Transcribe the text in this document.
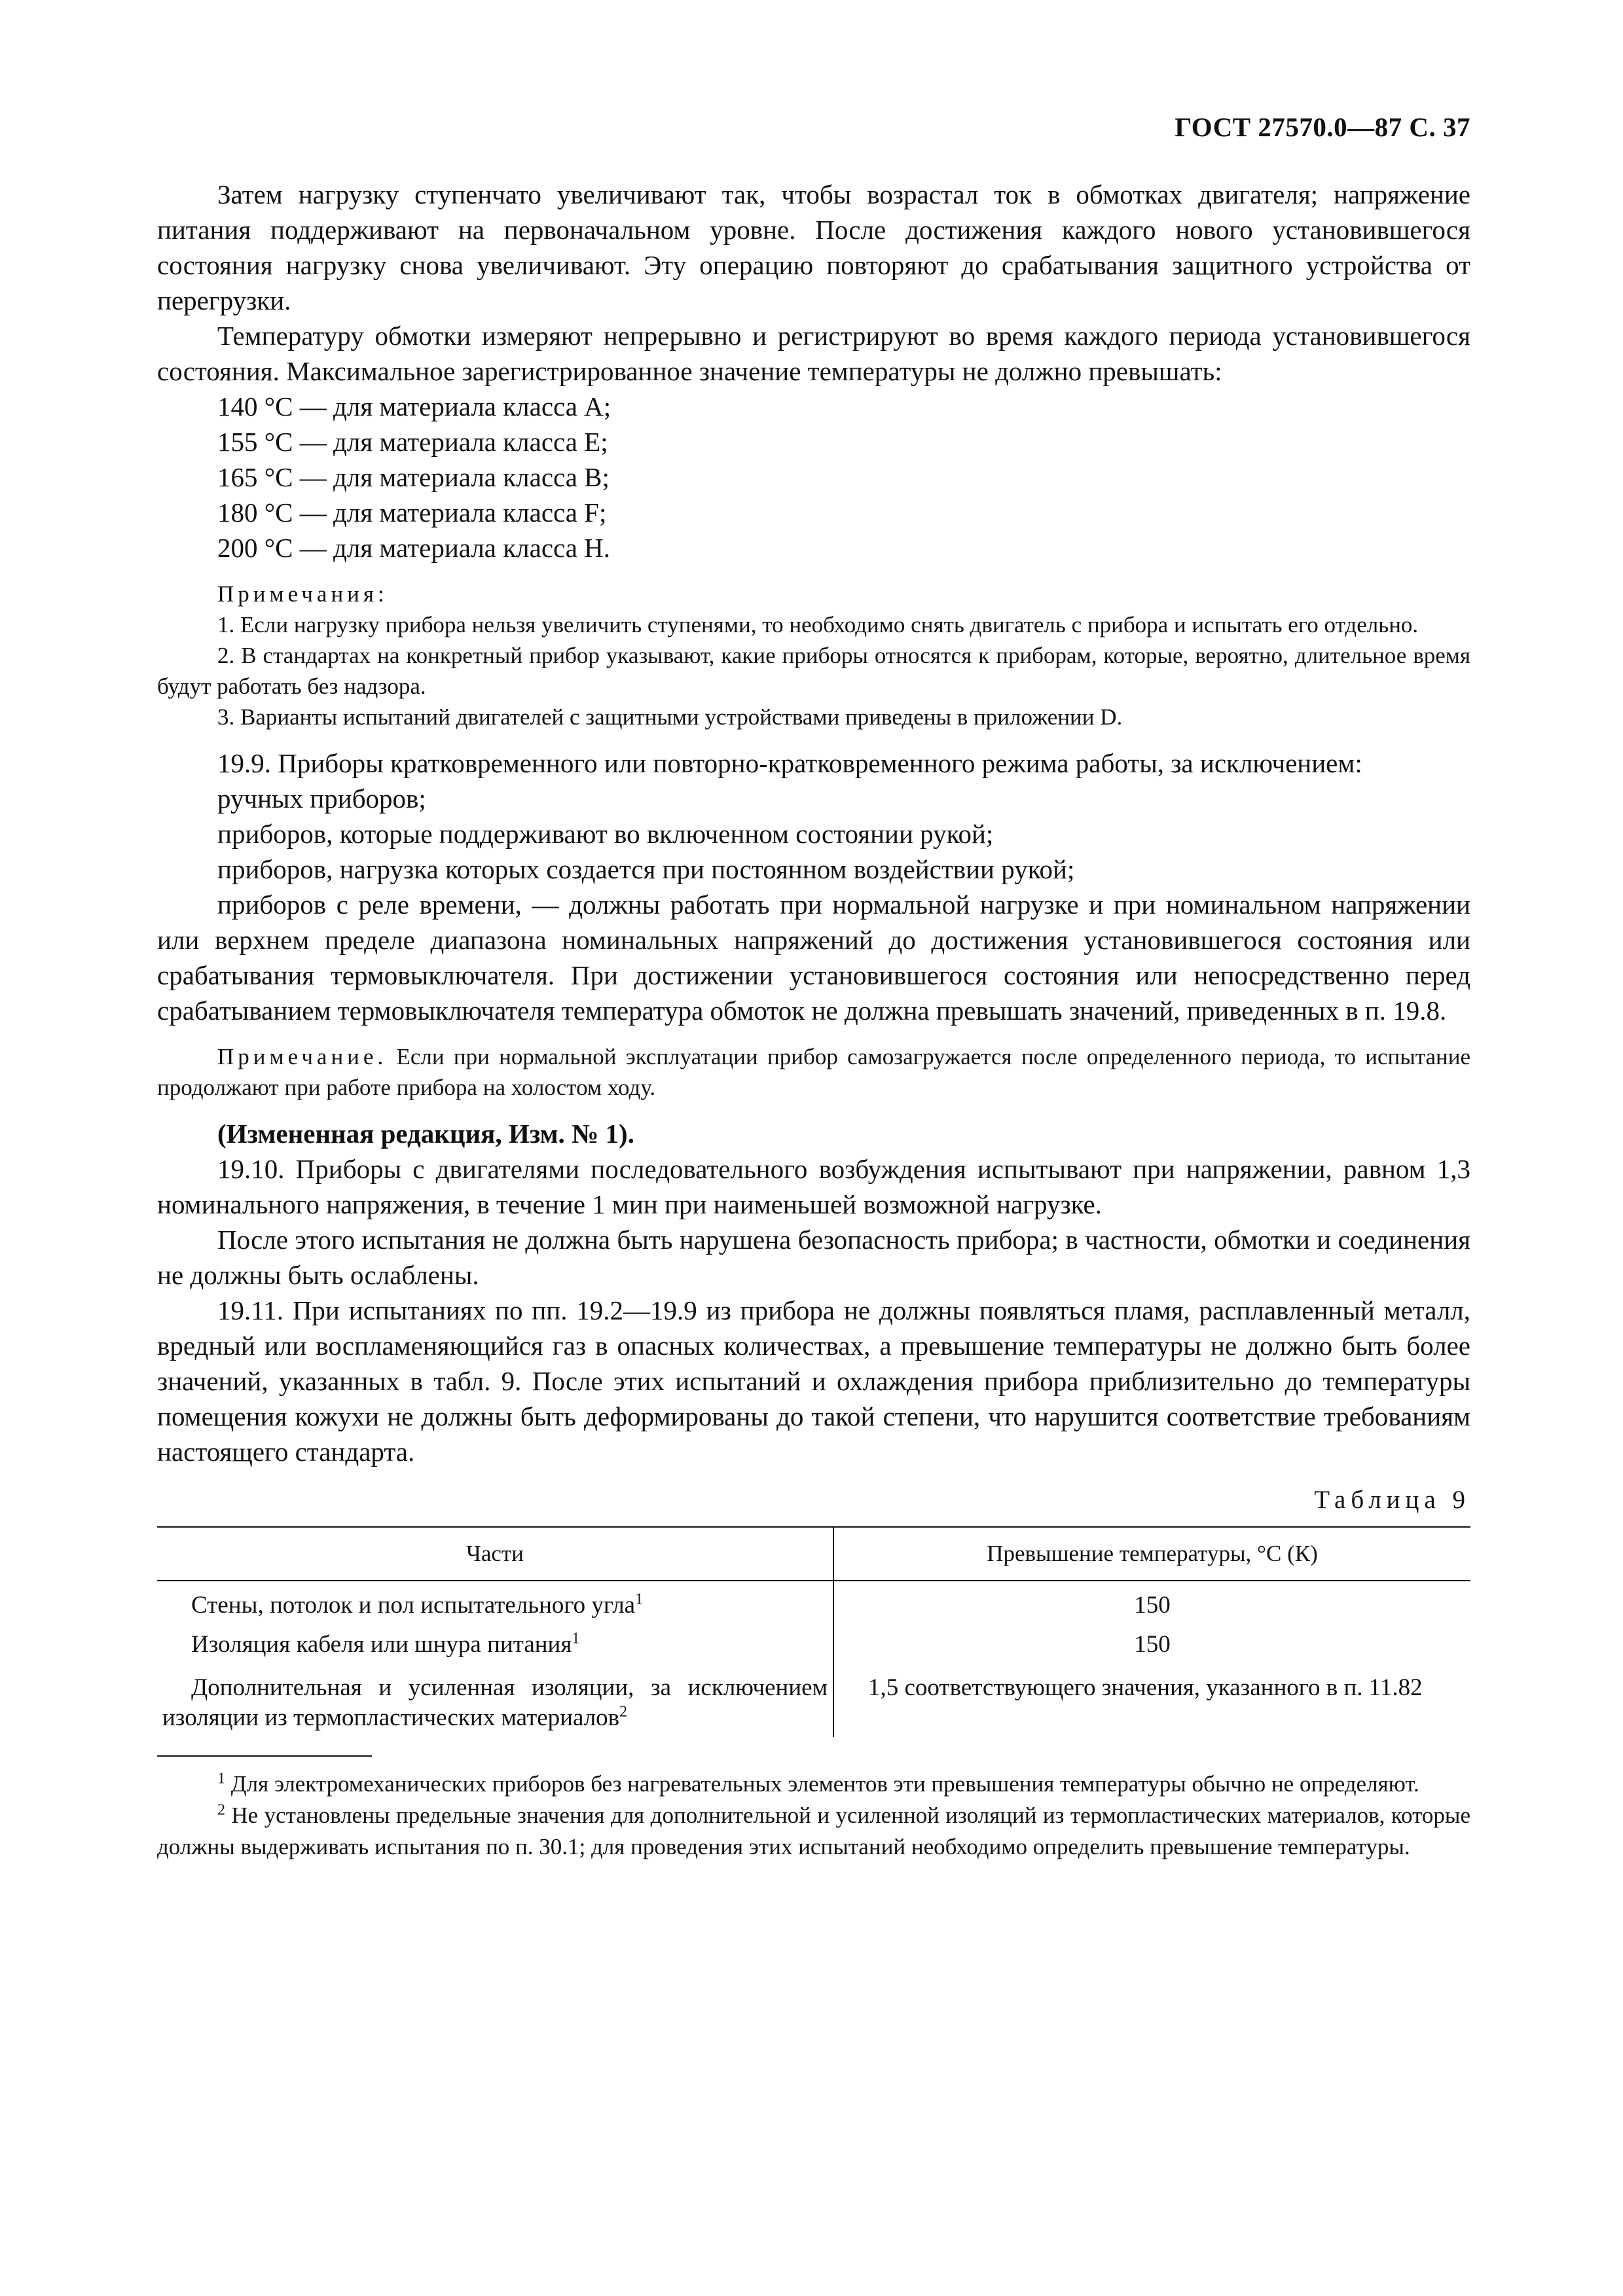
ГОСТ 27570.0—87 С. 37

Затем нагрузку ступенчато увеличивают так, чтобы возрастал ток в обмотках двигателя; напряжение питания поддерживают на первоначальном уровне. После достижения каждого нового установившегося состояния нагрузку снова увеличивают. Эту операцию повторяют до срабатывания защитного устройства от перегрузки.

Температуру обмотки измеряют непрерывно и регистрируют во время каждого периода установившегося состояния. Максимальное зарегистрированное значение температуры не должно превышать:

140 °С — для материала класса А;

155 °С — для материала класса Е;

165 °С — для материала класса В;

180 °С — для материала класса F;

200 °С — для материала класса Н.

Примечания:

1. Если нагрузку прибора нельзя увеличить ступенями, то необходимо снять двигатель с прибора и испытать его отдельно.

2. В стандартах на конкретный прибор указывают, какие приборы относятся к приборам, которые, вероятно, длительное время будут работать без надзора.

3. Варианты испытаний двигателей с защитными устройствами приведены в приложении D.

19.9. Приборы кратковременного или повторно-кратковременного режима работы, за исключением:

ручных приборов;

приборов, которые поддерживают во включенном состоянии рукой;

приборов, нагрузка которых создается при постоянном воздействии рукой;

приборов с реле времени, — должны работать при нормальной нагрузке и при номинальном напряжении или верхнем пределе диапазона номинальных напряжений до достижения установившегося состояния или срабатывания термовыключателя. При достижении установившегося состояния или непосредственно перед срабатыванием термовыключателя температура обмоток не должна превышать значений, приведенных в п. 19.8.

Примечание. Если при нормальной эксплуатации прибор самозагружается после определенного периода, то испытание продолжают при работе прибора на холостом ходу.

(Измененная редакция, Изм. № 1).

19.10. Приборы с двигателями последовательного возбуждения испытывают при напряжении, равном 1,3 номинального напряжения, в течение 1 мин при наименьшей возможной нагрузке.

После этого испытания не должна быть нарушена безопасность прибора; в частности, обмотки и соединения не должны быть ослаблены.

19.11. При испытаниях по пп. 19.2—19.9 из прибора не должны появляться пламя, расплавленный металл, вредный или воспламеняющийся газ в опасных количествах, а превышение температуры не должно быть более значений, указанных в табл. 9. После этих испытаний и охлаждения прибора приблизительно до температуры помещения кожухи не должны быть деформированы до такой степени, что нарушится соответствие требованиям настоящего стандарта.

Таблица 9
Части	Превышение температуры, °С (К)
Стены, потолок и пол испытательного угла$^1$	150
Изоляция кабеля или шнура питания$^1$	150
Дополнительная и усиленная изоляции, за исключением изоляции из термопластических материалов$^2$	1,5 соответствующего значения, указанного в п. 11.82

$^1$ Для электромеханических приборов без нагревательных элементов эти превышения температуры обычно не определяют.

$^2$ Не установлены предельные значения для дополнительной и усиленной изоляций из термопластических материалов, которые должны выдерживать испытания по п. 30.1; для проведения этих испытаний необходимо определить превышение температуры.
